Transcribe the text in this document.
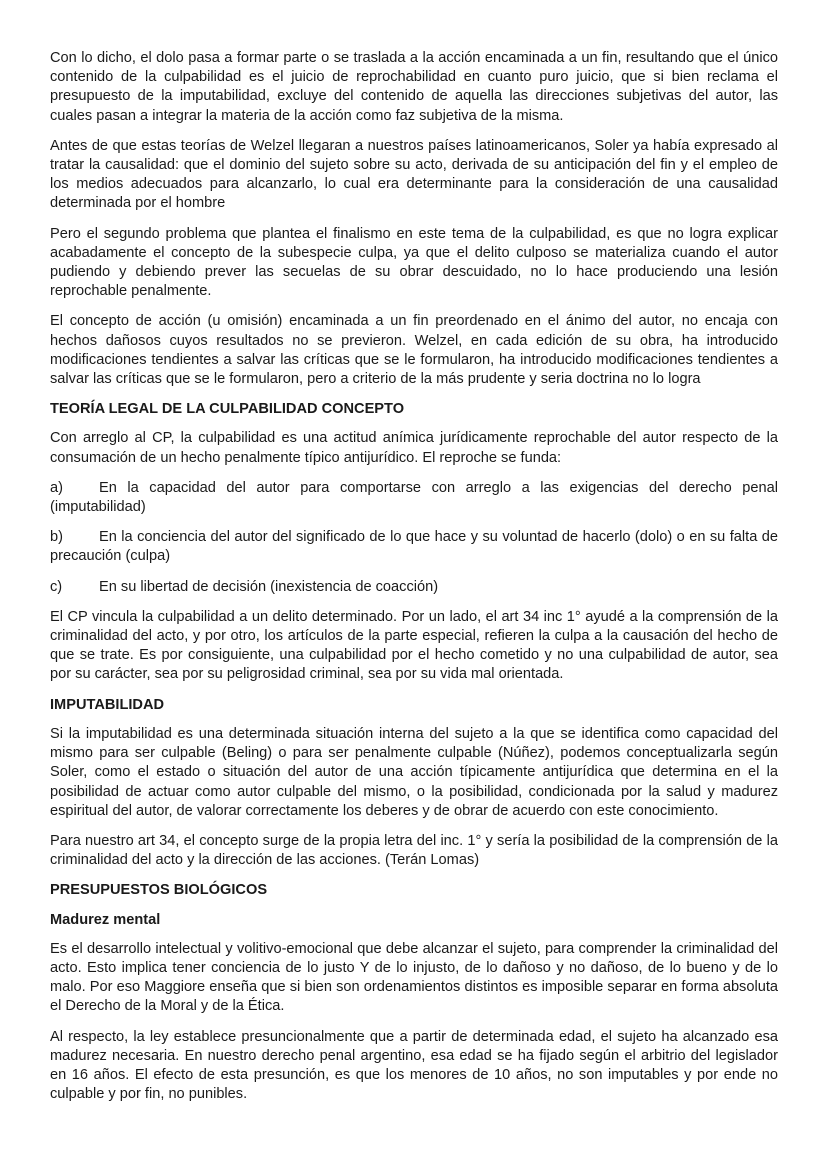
Con lo dicho, el dolo pasa a formar parte o se traslada a la acción encaminada a un fin, resultando que el único contenido de la culpabilidad es el juicio de reprochabilidad en cuanto puro juicio, que si bien reclama el presupuesto de la imputabilidad, excluye del contenido de aquella las direcciones subjetivas del autor, las cuales pasan a integrar la materia de la acción como faz subjetiva de la misma.

Antes de que estas teorías de Welzel llegaran a nuestros países latinoamericanos, Soler ya había expresado al tratar la causalidad: que el dominio del sujeto sobre su acto, derivada de su anticipación del fin y el empleo de los medios adecuados para alcanzarlo, lo cual era determinante para la consideración de una causalidad determinada por el hombre

Pero el segundo problema que plantea el finalismo en este tema de la culpabilidad, es que no logra explicar acabadamente el concepto de la subespecie culpa, ya que el delito culposo se materializa cuando el autor pudiendo y debiendo prever las secuelas de su obrar descuidado, no lo hace produciendo una lesión reprochable penalmente.

El concepto de acción (u omisión) encaminada a un fin preordenado en el ánimo del autor, no encaja con hechos dañosos cuyos resultados no se previeron. Welzel, en cada edición de su obra, ha introducido modificaciones tendientes a salvar las críticas que se le formularon, ha introducido modificaciones tendientes a salvar las críticas que se le formularon, pero a criterio de la más prudente y seria doctrina no lo logra

TEORÍA LEGAL DE LA CULPABILIDAD CONCEPTO

Con arreglo al CP, la culpabilidad es una actitud anímica jurídicamente reprochable del autor respecto de la consumación de un hecho penalmente típico antijurídico. El reproche se funda:

a) En la capacidad del autor para comportarse con arreglo a las exigencias del derecho penal (imputabilidad)
b) En la conciencia del autor del significado de lo que hace y su voluntad de hacerlo (dolo) o en su falta de precaución (culpa)
c)	En su libertad de decisión (inexistencia de coacción)

El CP vincula la culpabilidad a un delito determinado. Por un lado, el art 34 inc 1° ayudé a la comprensión de la criminalidad del acto, y por otro, los artículos de la parte especial, refieren la culpa a la causación del hecho de que se trate. Es por consiguiente, una culpabilidad por el hecho cometido y no una culpabilidad de autor, sea por su carácter, sea por su peligrosidad criminal, sea por su vida mal orientada.

IMPUTABILIDAD

Si la imputabilidad es una determinada situación interna del sujeto a la que se identifica como capacidad del mismo para ser culpable (Beling) o para ser penalmente culpable (Núñez), podemos conceptualizarla según Soler, como el estado o situación del autor de una acción típicamente antijurídica que determina en el la posibilidad de actuar como autor culpable del mismo, o la posibilidad, condicionada por la salud y madurez espiritual del autor, de valorar correctamente los deberes y de obrar de acuerdo con este conocimiento.

Para nuestro art 34, el concepto surge de la propia letra del inc. 1° y sería la posibilidad de la comprensión de la criminalidad del acto y la dirección de las acciones. (Terán Lomas)

PRESUPUESTOS BIOLÓGICOS
Madurez mental

Es el desarrollo intelectual y volitivo-emocional que debe alcanzar el sujeto, para comprender la criminalidad del acto. Esto implica tener conciencia de lo justo Y de lo injusto, de lo dañoso y no dañoso, de lo bueno y de lo malo. Por eso Maggiore enseña que si bien son ordenamientos distintos es imposible separar en forma absoluta el Derecho de la Moral y de la Ética.

Al respecto, la ley establece presuncionalmente que a partir de determinada edad, el sujeto ha alcanzado esa madurez necesaria. En nuestro derecho penal argentino, esa edad se ha fijado según el arbitrio del legislador en 16 años. El efecto de esta presunción, es que los menores de 10 años, no son imputables y por ende no culpable y por fin, no punibles.
